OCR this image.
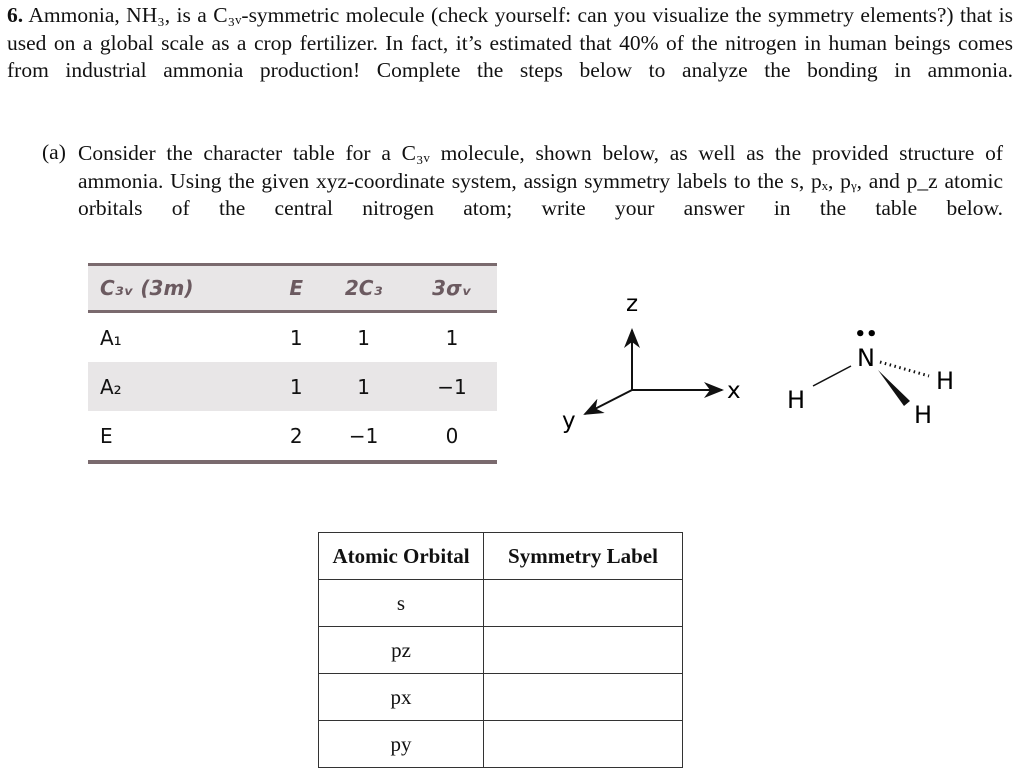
6. Ammonia, NH₃, is a C₃ᵥ-symmetric molecule (check yourself: can you visualize the symmetry elements?) that is used on a global scale as a crop fertilizer. In fact, it’s estimated that 40% of the nitrogen in human beings comes from industrial ammonia production! Complete the steps below to analyze the bonding in ammonia.
(a) Consider the character table for a C₃ᵥ molecule, shown below, as well as the provided structure of ammonia. Using the given xyz-coordinate system, assign symmetry labels to the s, pₓ, pᵧ, and p_z atomic orbitals of the central nitrogen atom; write your answer in the table below.
C₃ᵥ (3m)	E	2C₃	3σᵥ
A₁	1	1	1
A₂	1	1	−1
E	2	−1	0
z
x
y
••
N
H
H
H
Atomic Orbital	Symmetry Label
s	
pz	
px	
py	
